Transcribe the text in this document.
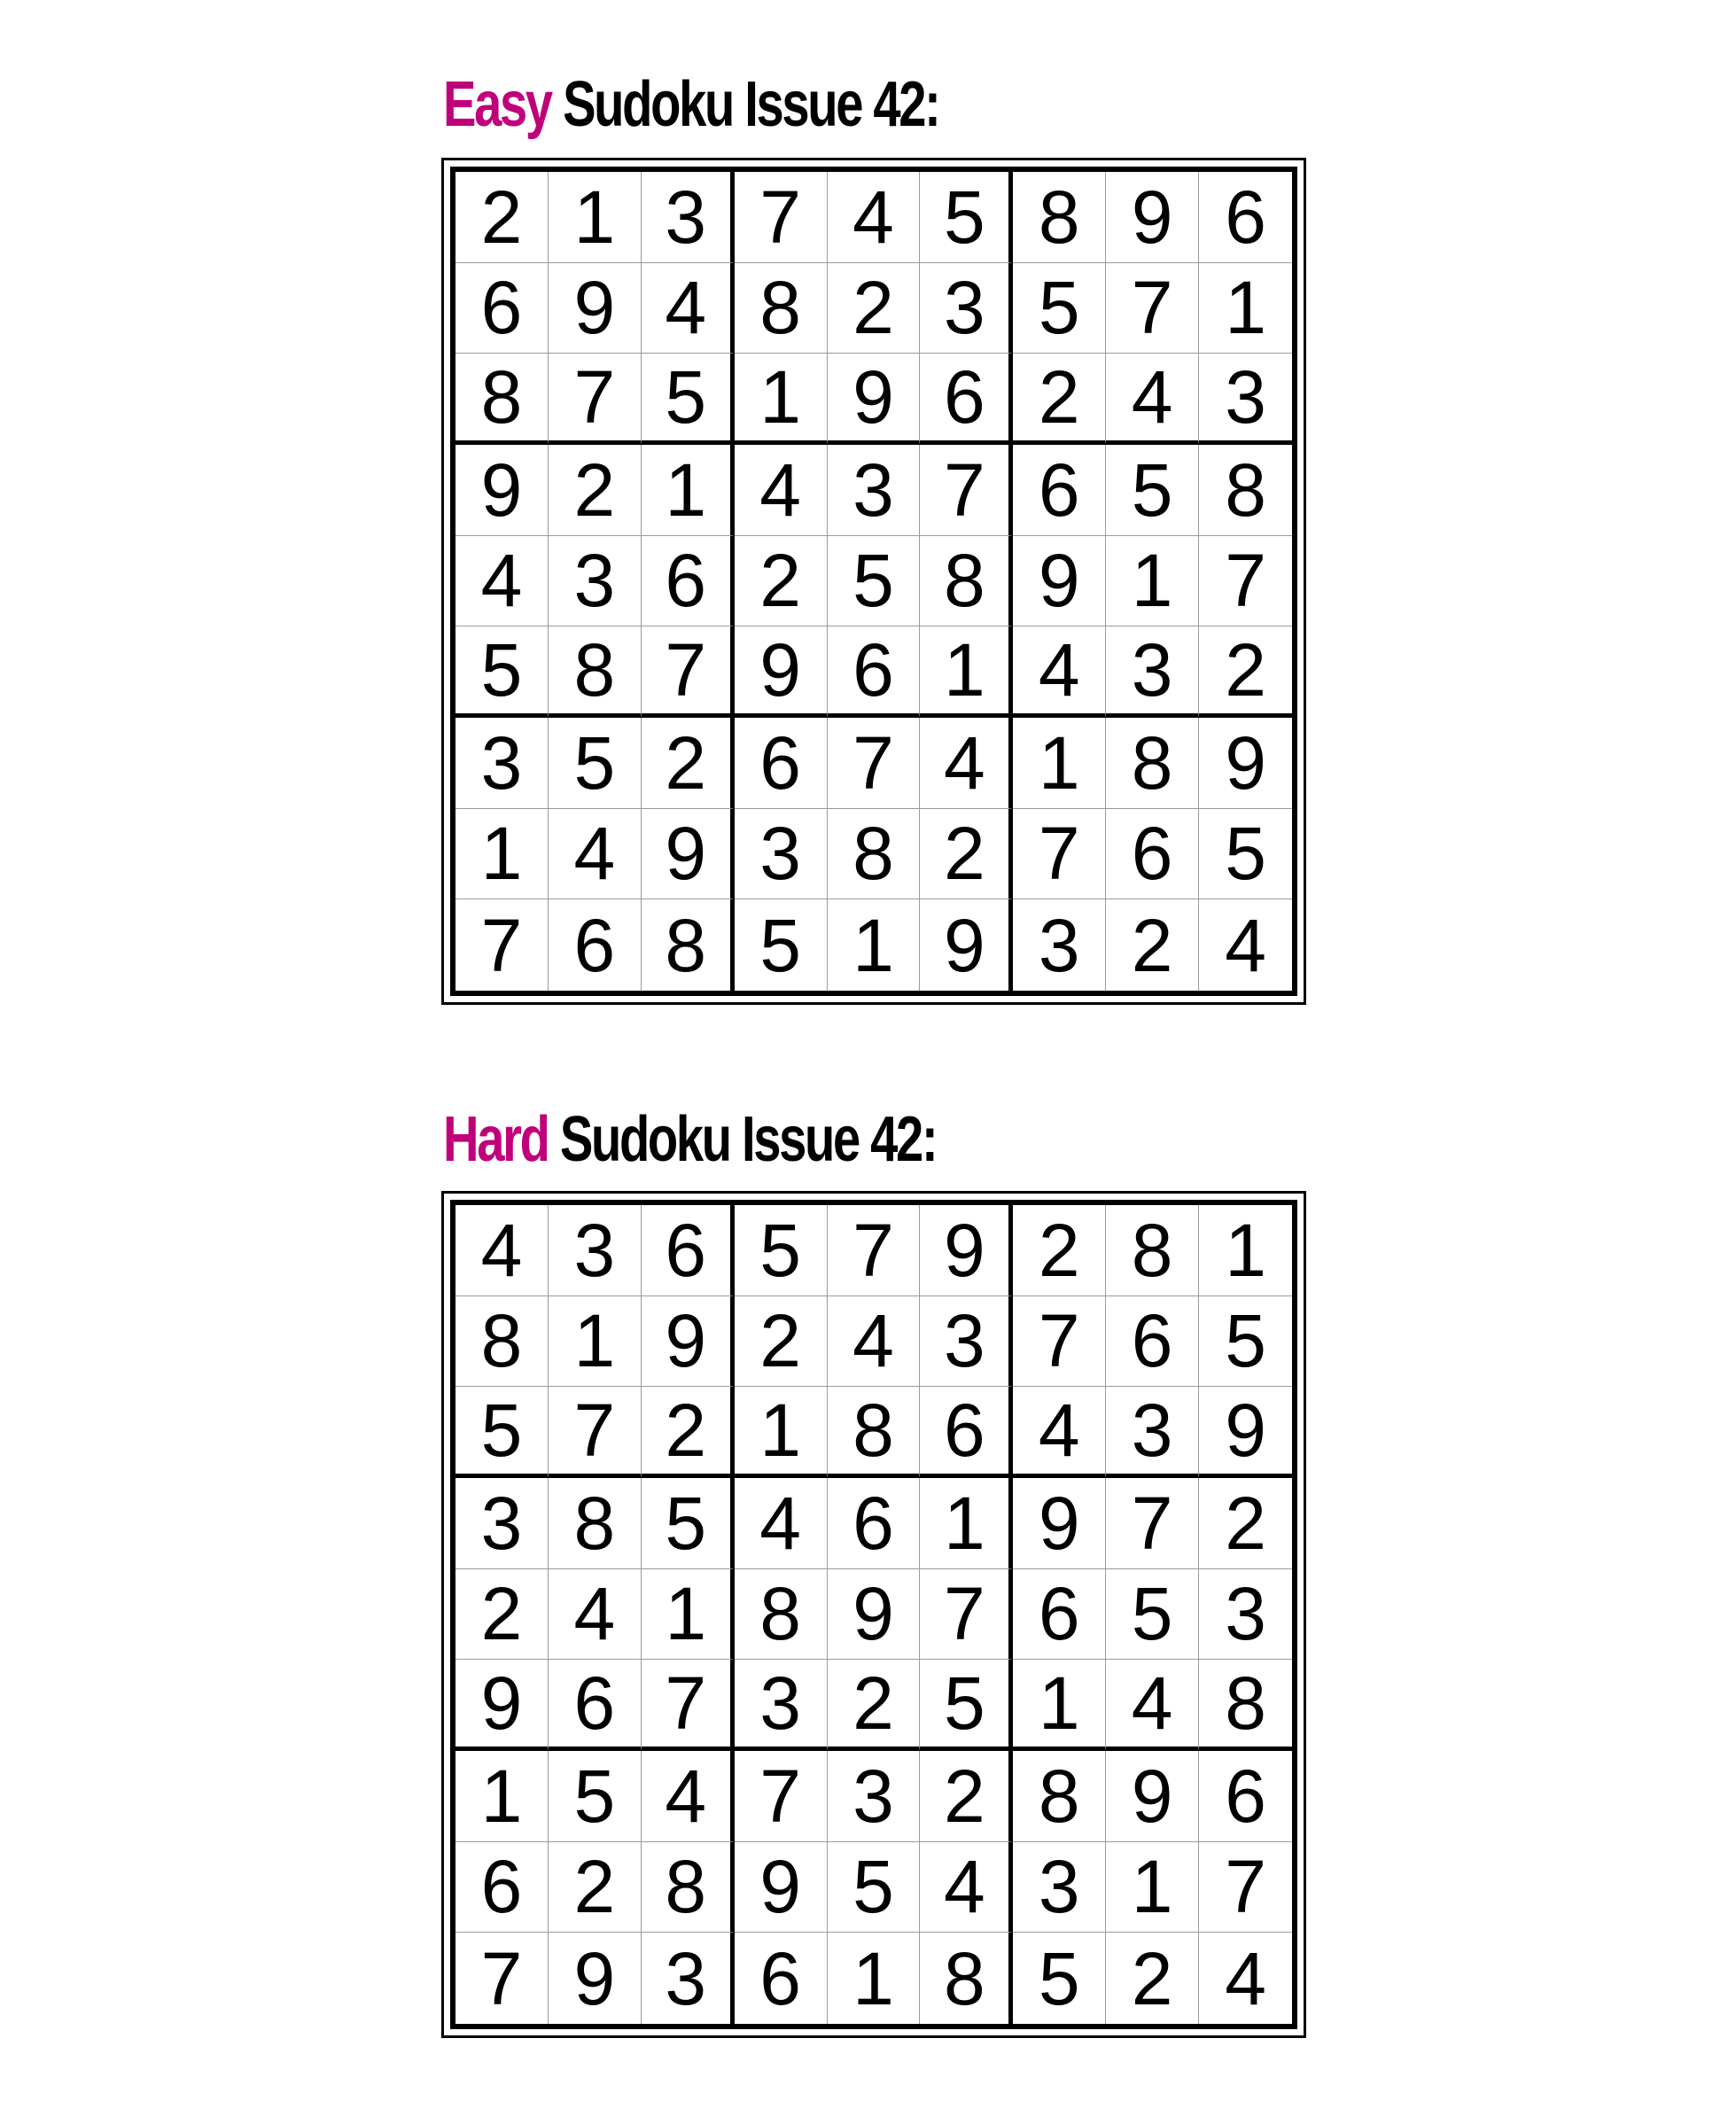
Easy Sudoku Issue 42:
2 1 3 7 4 5 8 9 6
6 9 4 8 2 3 5 7 1
8 7 5 1 9 6 2 4 3
9 2 1 4 3 7 6 5 8
4 3 6 2 5 8 9 1 7
5 8 7 9 6 1 4 3 2
3 5 2 6 7 4 1 8 9
1 4 9 3 8 2 7 6 5
7 6 8 5 1 9 3 2 4
Hard Sudoku Issue 42:
4 3 6 5 7 9 2 8 1
8 1 9 2 4 3 7 6 5
5 7 2 1 8 6 4 3 9
3 8 5 4 6 1 9 7 2
2 4 1 8 9 7 6 5 3
9 6 7 3 2 5 1 4 8
1 5 4 7 3 2 8 9 6
6 2 8 9 5 4 3 1 7
7 9 3 6 1 8 5 2 4
